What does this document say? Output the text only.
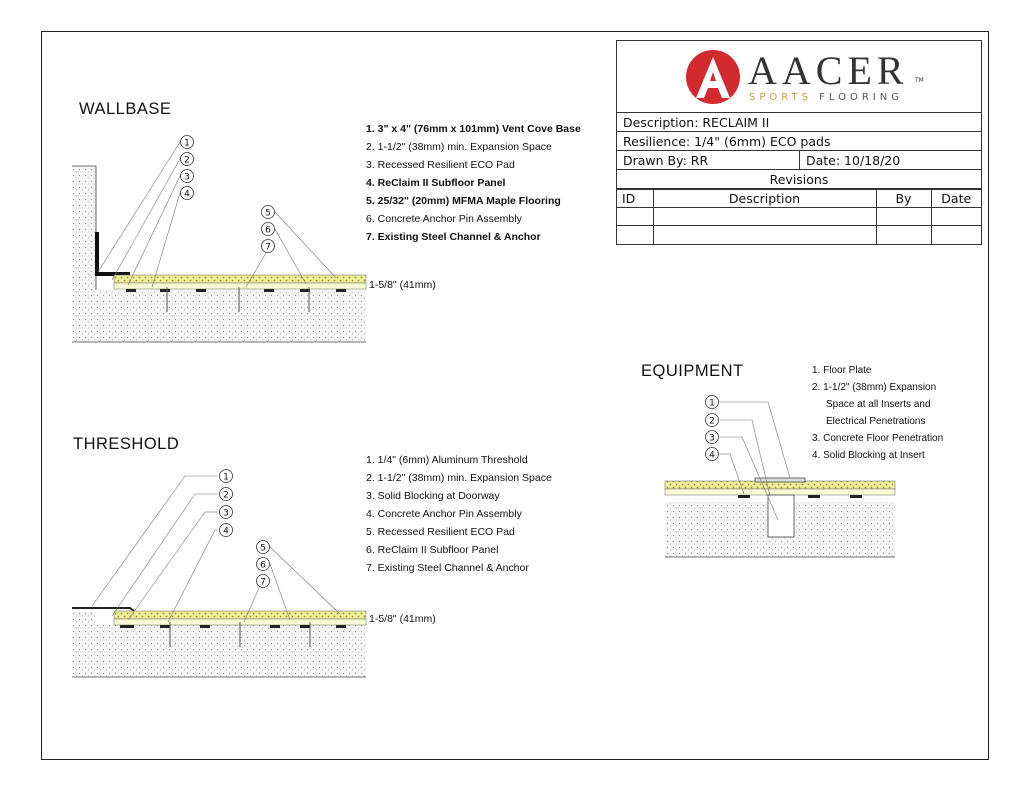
AACER TM
SPORTS FLOORING
Description: RECLAIM II
Resilience: 1/4" (6mm) ECO pads
Drawn By: RR	Date: 10/18/20
Revisions
ID	Description	By	Date

WALLBASE
THRESHOLD
EQUIPMENT
1. 3" x 4" (76mm x 101mm) Vent Cove Base
2. 1-1/2" (38mm) min. Expansion Space
3. Recessed Resilient ECO Pad
4. ReClaim II Subfloor Panel
5. 25/32" (20mm) MFMA Maple Flooring
6. Concrete Anchor Pin Assembly
7. Existing Steel Channel & Anchor
1. 1/4" (6mm) Aluminum Threshold
2. 1-1/2" (38mm) min. Expansion Space
3. Solid Blocking at Doorway
4. Concrete Anchor Pin Assembly
5. Recessed Resilient ECO Pad
6. ReClaim II Subfloor Panel
7. Existing Steel Channel & Anchor
1. Floor Plate
2. 1-1/2" (38mm) Expansion
Space at all Inserts and
Electrical Penetrations
3. Concrete Floor Penetration
4. Solid Blocking at Insert
1-5/8" (41mm)
1-5/8" (41mm)
1
2
3
4
5
6
7
1
2
3
4
5
6
7
1
2
3
4
